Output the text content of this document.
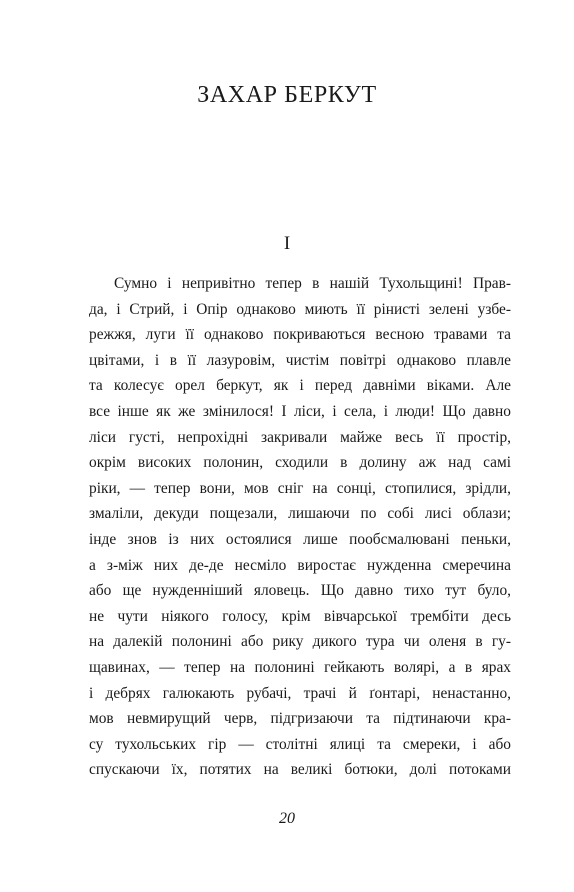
ЗАХАР БЕРКУТ
I
Сумно і непривітно тепер в нашій Тухольщині! Прав-
да, і Стрий, і Опір однаково миють її рінисті зелені узбе-
режжя, луги її однаково покриваються весною травами та
цвітами, і в її лазуровім, чистім повітрі однаково плавле
та колесує орел беркут, як і перед давніми віками. Але
все інше як же змінилося! І ліси, і села, і люди! Що давно
ліси густі, непрохідні закривали майже весь її простір,
окрім високих полонин, сходили в долину аж над самі
ріки, — тепер вони, мов сніг на сонці, стопилися, зрідли,
змаліли, декуди пощезали, лишаючи по собі лисі облази;
інде знов із них остоялися лише пообсмалювані пеньки,
а з-між них де-де несміло виростає нужденна смеречина
або ще нужденніший яловець. Що давно тихо тут було,
не чути ніякого голосу, крім вівчарської трембіти десь
на далекій полонині або рику дикого тура чи оленя в гу-
щавинах, — тепер на полонині гейкають волярі, а в ярах
і дебрях галюкають рубачі, трачі й ґонтарі, ненастанно,
мов невмирущий черв, підгризаючи та підтинаючи кра-
су тухольських гір — столітні ялиці та смереки, і або
спускаючи їх, потятих на великі ботюки, долі потоками
20
